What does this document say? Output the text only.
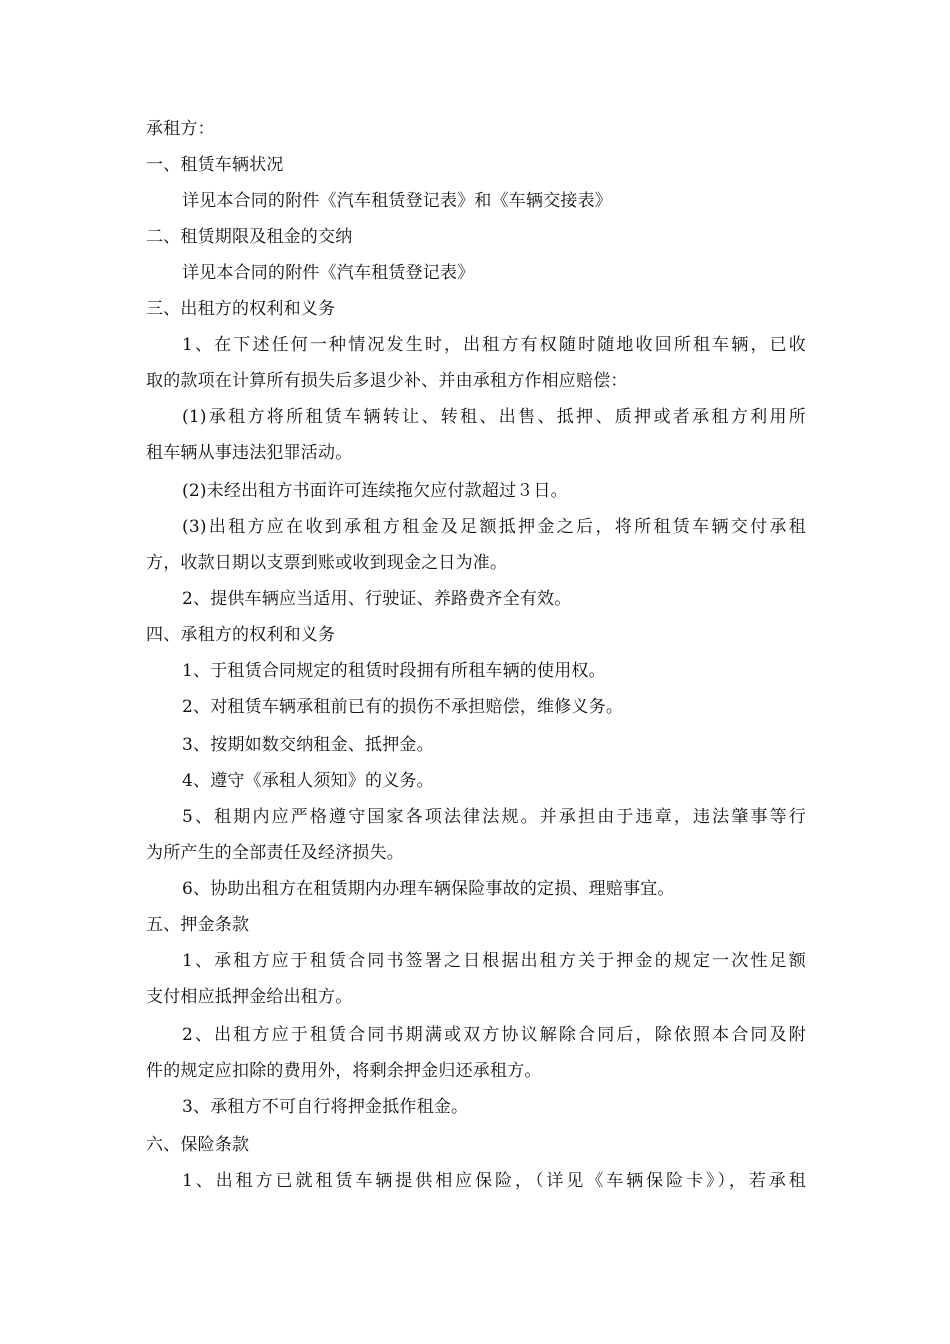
承租方：
一、租赁车辆状况
详见本合同的附件《汽车租赁登记表》和《车辆交接表》
二、租赁期限及租金的交纳
详见本合同的附件《汽车租赁登记表》
三、出租方的权利和义务
1、在下述任何一种情况发生时，出租方有权随时随地收回所租车辆，已收
取的款项在计算所有损失后多退少补、并由承租方作相应赔偿：
(1)承租方将所租赁车辆转让、转租、出售、抵押、质押或者承租方利用所
租车辆从事违法犯罪活动。
(2)未经出租方书面许可连续拖欠应付款超过３日。
(3)出租方应在收到承租方租金及足额抵押金之后，将所租赁车辆交付承租
方，收款日期以支票到账或收到现金之日为准。
2、提供车辆应当适用、行驶证、养路费齐全有效。
四、承租方的权利和义务
1、于租赁合同规定的租赁时段拥有所租车辆的使用权。
2、对租赁车辆承租前已有的损伤不承担赔偿，维修义务。
3、按期如数交纳租金、抵押金。
4、遵守《承租人须知》的义务。
5、租期内应严格遵守国家各项法律法规。并承担由于违章，违法肇事等行
为所产生的全部责任及经济损失。
6、协助出租方在租赁期内办理车辆保险事故的定损、理赔事宜。
五、押金条款
1、承租方应于租赁合同书签署之日根据出租方关于押金的规定一次性足额
支付相应抵押金给出租方。
2、出租方应于租赁合同书期满或双方协议解除合同后，除依照本合同及附
件的规定应扣除的费用外，将剩余押金归还承租方。
3、承租方不可自行将押金抵作租金。
六、保险条款
1、出租方已就租赁车辆提供相应保险，（详见《车辆保险卡》），若承租
